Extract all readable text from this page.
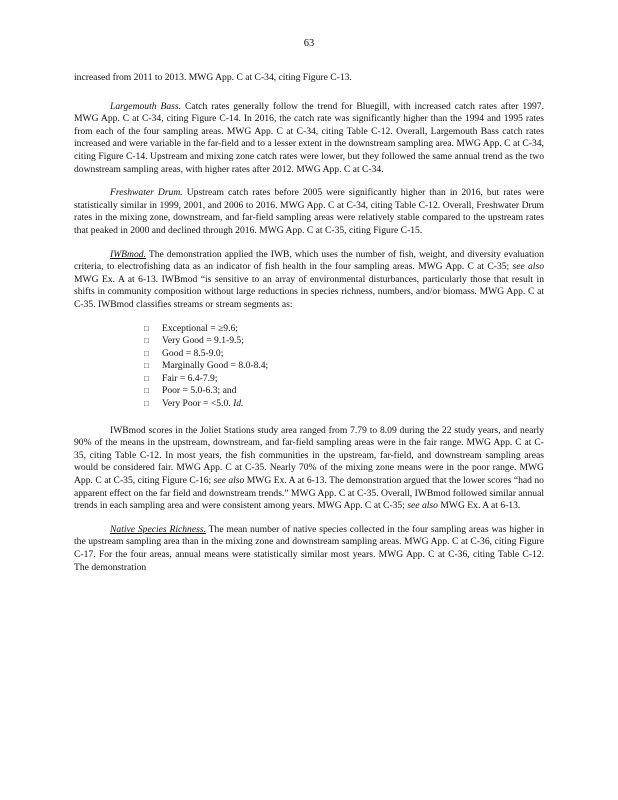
63

increased from 2011 to 2013. MWG App. C at C-34, citing Figure C-13.

Largemouth Bass. Catch rates generally follow the trend for Bluegill, with increased catch rates after 1997. MWG App. C at C-34, citing Figure C-14. In 2016, the catch rate was significantly higher than the 1994 and 1995 rates from each of the four sampling areas. MWG App. C at C-34, citing Table C-12. Overall, Largemouth Bass catch rates increased and were variable in the far-field and to a lesser extent in the downstream sampling area. MWG App. C at C-34, citing Figure C-14. Upstream and mixing zone catch rates were lower, but they followed the same annual trend as the two downstream sampling areas, with higher rates after 2012. MWG App. C at C-34.

Freshwater Drum. Upstream catch rates before 2005 were significantly higher than in 2016, but rates were statistically similar in 1999, 2001, and 2006 to 2016. MWG App. C at C-34, citing Table C-12. Overall, Freshwater Drum rates in the mixing zone, downstream, and far-field sampling areas were relatively stable compared to the upstream rates that peaked in 2000 and declined through 2016. MWG App. C at C-35, citing Figure C-15.

IWBmod. The demonstration applied the IWB, which uses the number of fish, weight, and diversity evaluation criteria, to electrofishing data as an indicator of fish health in the four sampling areas. MWG App. C at C-35; see also MWG Ex. A at 6-13. IWBmod “is sensitive to an array of environmental disturbances, particularly those that result in shifts in community composition without large reductions in species richness, numbers, and/or biomass. MWG App. C at C-35. IWBmod classifies streams or stream segments as:

□ Exceptional = ≥9.6;
□ Very Good = 9.1-9.5;
□ Good = 8.5-9.0;
□ Marginally Good = 8.0-8.4;
□ Fair = 6.4-7.9;
□ Poor = 5.0-6.3; and
□ Very Poor = <5.0. Id.

IWBmod scores in the Joliet Stations study area ranged from 7.79 to 8.09 during the 22 study years, and nearly 90% of the means in the upstream, downstream, and far-field sampling areas were in the fair range. MWG App. C at C-35, citing Table C-12. In most years, the fish communities in the upstream, far-field, and downstream sampling areas would be considered fair. MWG App. C at C-35. Nearly 70% of the mixing zone means were in the poor range. MWG App. C at C-35, citing Figure C-16; see also MWG Ex. A at 6-13. The demonstration argued that the lower scores “had no apparent effect on the far field and downstream trends.” MWG App. C at C-35. Overall, IWBmod followed similar annual trends in each sampling area and were consistent among years. MWG App. C at C-35; see also MWG Ex. A at 6-13.

Native Species Richness. The mean number of native species collected in the four sampling areas was higher in the upstream sampling area than in the mixing zone and downstream sampling areas. MWG App. C at C-36, citing Figure C-17. For the four areas, annual means were statistically similar most years. MWG App. C at C-36, citing Table C-12. The demonstration
